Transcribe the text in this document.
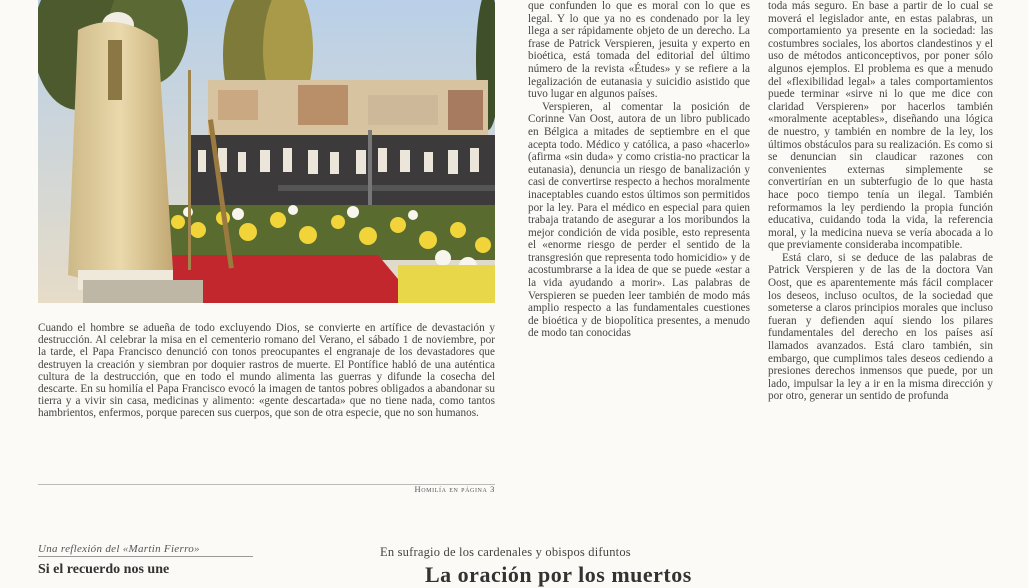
Cuando el hombre se adueña de todo excluyendo Dios, se convierte en artífice de devastación y destrucción. Al celebrar la misa en el cementerio romano del Verano, el sábado 1 de noviembre, por la tarde, el Papa Francisco denunció con tonos preocupantes el engranaje de los devastadores que destruyen la creación y siembran por doquier rastros de muerte. El Pontífice habló de una auténtica cultura de la destrucción, que en todo el mundo alimenta las guerras y difunde la cosecha del descarte. En su homilía el Papa Francisco evocó la imagen de tantos pobres obligados a abandonar su tierra y a vivir sin casa, medicinas y alimento: «gente descartada» que no tiene nada, como tantos hambrientos, enfermos, porque parecen sus cuerpos, que son de otra especie, que no son humanos.
Homilía en página 3

que confunden lo que es moral con lo que es legal. Y lo que ya no es condenado por la ley llega a ser rápidamente objeto de un derecho. La frase de Patrick Verspieren, jesuita y experto en bioética, está tomada del editorial del último número de la revista «Études» y se refiere a la legalización de eutanasia y suicidio asistido que tuvo lugar en algunos países.

Verspieren, al comentar la posición de Corinne Van Oost, autora de un libro publicado en Bélgica a mitades de septiembre en el que acepta todo. Médico y católica, a paso «hacerlo» (afirma «sin duda» y como cristia-no practicar la eutanasia), denuncia un riesgo de banalización y casi de convertirse respecto a hechos moralmente inaceptables cuando estos últimos son permitidos por la ley. Para el médico en especial para quien trabaja tratando de asegurar a los moribundos la mejor condición de vida posible, esto representa el «enorme riesgo de perder el sentido de la transgresión que representa todo homicidio» y de acostumbrarse a la idea de que se puede «estar a la vida ayudando a morir». Las palabras de Verspieren se pueden leer también de modo más amplio respecto a las fundamentales cuestiones de bioética y de biopolítica presentes, a menudo de modo tan conocidas

toda más seguro. En base a partir de lo cual se moverá el legislador ante, en estas palabras, un comportamiento ya presente en la sociedad: las costumbres sociales, los abortos clandestinos y el uso de métodos anticonceptivos, por poner sólo algunos ejemplos. El problema es que a menudo del «flexibilidad legal» a tales comportamientos puede terminar «sirve ni lo que me dice con claridad Verspieren» por hacerlos también «moralmente aceptables», diseñando una lógica de nuestro, y también en nombre de la ley, los últimos obstáculos para su realización. Es como si se denuncian sin claudicar razones con convenientes externas simplemente se convertirían en un subterfugio de lo que hasta hace poco tiempo tenía un ilegal. También reformamos la ley perdiendo la propia función educativa, cuidando toda la vida, la referencia moral, y la medicina nueva se vería abocada a lo que previamente consideraba incompatible.

Está claro, si se deduce de las palabras de Patrick Verspieren y de las de la doctora Van Oost, que es aparentemente más fácil complacer los deseos, incluso ocultos, de la sociedad que someterse a claros principios morales que incluso fueran y defienden aquí siendo los pilares fundamentales del derecho en los países así llamados avanzados. Está claro también, sin embargo, que cumplimos tales deseos cediendo a presiones derechos inmensos que puede, por un lado, impulsar la ley a ir en la misma dirección y por otro, generar un sentido de profunda

Una reflexión del «Martin Fierro»
Si el recuerdo nos une
En sufragio de los cardenales y obispos difuntos
La oración por los muertos
